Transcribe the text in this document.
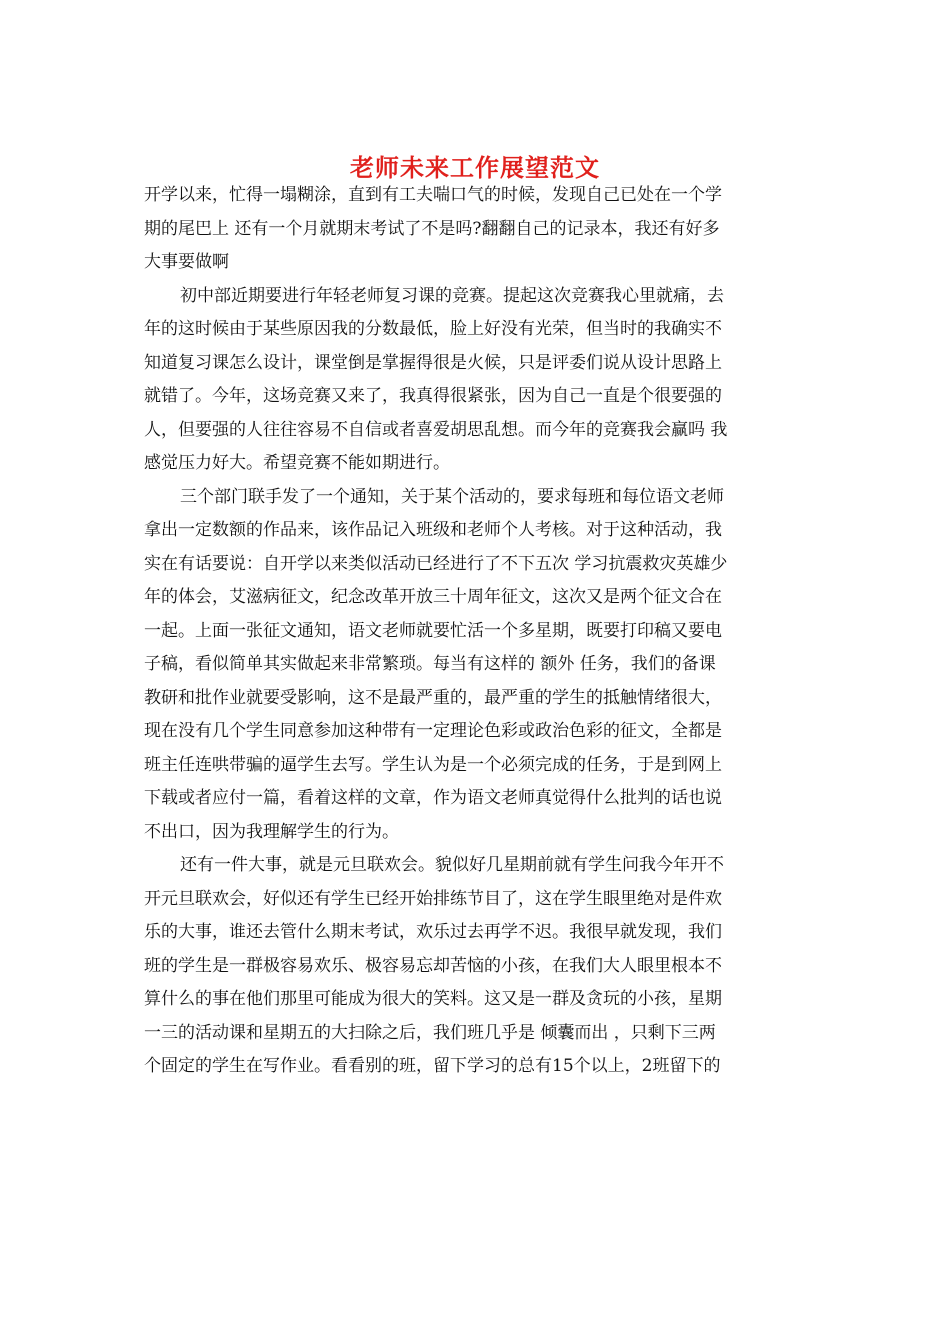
老师未来工作展望范文
开学以来，忙得一塌糊涂，直到有工夫喘口气的时候，发现自己已处在一个学
期的尾巴上 还有一个月就期末考试了不是吗?翻翻自己的记录本，我还有好多
大事要做啊
初中部近期要进行年轻老师复习课的竞赛。提起这次竞赛我心里就痛，去
年的这时候由于某些原因我的分数最低，脸上好没有光荣，但当时的我确实不
知道复习课怎么设计，课堂倒是掌握得很是火候，只是评委们说从设计思路上
就错了。今年，这场竞赛又来了，我真得很紧张，因为自己一直是个很要强的
人，但要强的人往往容易不自信或者喜爱胡思乱想。而今年的竞赛我会赢吗 我
感觉压力好大。希望竞赛不能如期进行。
三个部门联手发了一个通知，关于某个活动的，要求每班和每位语文老师
拿出一定数额的作品来，该作品记入班级和老师个人考核。对于这种活动，我
实在有话要说：自开学以来类似活动已经进行了不下五次 学习抗震救灾英雄少
年的体会，艾滋病征文，纪念改革开放三十周年征文，这次又是两个征文合在
一起。上面一张征文通知，语文老师就要忙活一个多星期，既要打印稿又要电
子稿，看似简单其实做起来非常繁琐。每当有这样的 额外 任务，我们的备课
教研和批作业就要受影响，这不是最严重的，最严重的学生的抵触情绪很大，
现在没有几个学生同意参加这种带有一定理论色彩或政治色彩的征文，全都是
班主任连哄带骗的逼学生去写。学生认为是一个必须完成的任务，于是到网上
下载或者应付一篇，看着这样的文章，作为语文老师真觉得什么批判的话也说
不出口，因为我理解学生的行为。
还有一件大事，就是元旦联欢会。貌似好几星期前就有学生问我今年开不
开元旦联欢会，好似还有学生已经开始排练节目了，这在学生眼里绝对是件欢
乐的大事，谁还去管什么期末考试，欢乐过去再学不迟。我很早就发现，我们
班的学生是一群极容易欢乐、极容易忘却苦恼的小孩，在我们大人眼里根本不
算什么的事在他们那里可能成为很大的笑料。这又是一群及贪玩的小孩，星期
一三的活动课和星期五的大扫除之后，我们班几乎是 倾囊而出 ，只剩下三两
个固定的学生在写作业。看看别的班，留下学习的总有15个以上，2班留下的
